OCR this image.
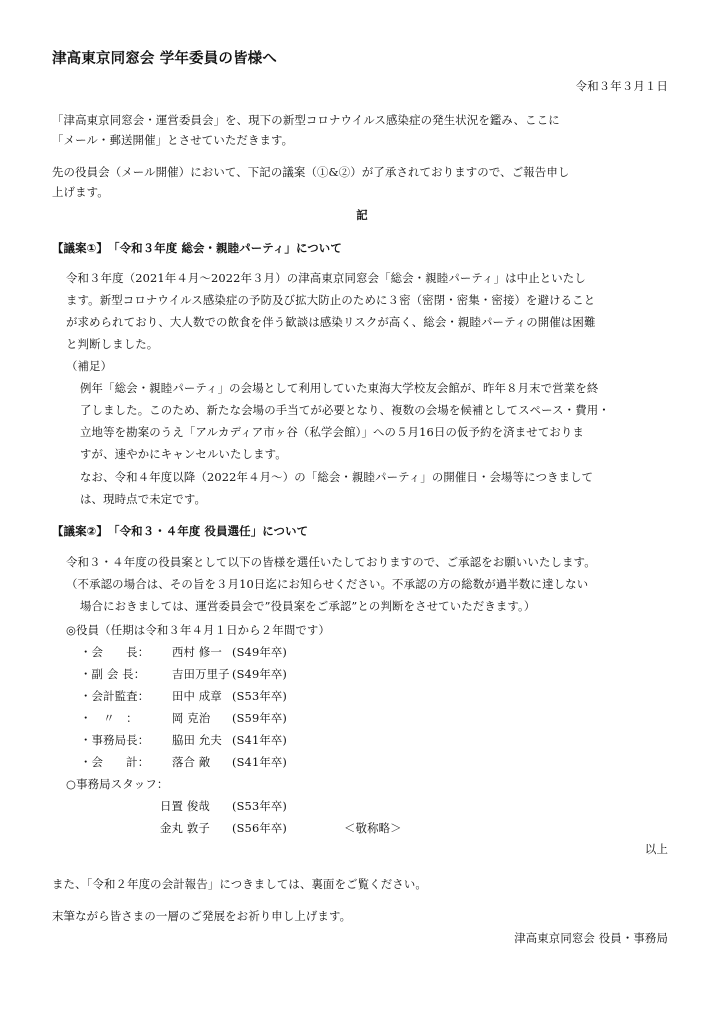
津高東京同窓会 学年委員の皆様へ
令和３年３月１日
「津高東京同窓会・運営委員会」を、現下の新型コロナウイルス感染症の発生状況を鑑み、ここに
「メール・郵送開催」とさせていただきます。
先の役員会（メール開催）において、下記の議案（①&②）が了承されておりますので、ご報告申し
上げます。
記
【議案①】　「令和３年度 総会・親睦パーティ」について
令和３年度（2021年４月～2022年３月）の津高東京同窓会「総会・親睦パーティ」は中止といたし
ます。新型コロナウイルス感染症の予防及び拡大防止のために３密（密閉・密集・密接）を避けること
が求められており、大人数での飲食を伴う歓談は感染リスクが高く、総会・親睦パーティの開催は困難
と判断しました。
（補足）
例年「総会・親睦パーティ」の会場として利用していた東海大学校友会館が、昨年８月末で営業を終
了しました。このため、新たな会場の手当てが必要となり、複数の会場を候補としてスペース・費用・
立地等を勘案のうえ「アルカディア市ヶ谷（私学会館）」への５月16日の仮予約を済ませておりま
すが、速やかにキャンセルいたします。
なお、令和４年度以降（2022年４月～）の「総会・親睦パーティ」の開催日・会場等につきまして
は、現時点で未定です。
【議案②】　「令和３・４年度 役員選任」について
令和３・４年度の役員案として以下の皆様を選任いたしておりますので、ご承認をお願いいたします。
（不承認の場合は、その旨を３月10日迄にお知らせください。不承認の方の総数が過半数に達しない
場合におきましては、運営委員会で”役員案をご承認”との判断をさせていただきます。）
◎役員（任期は令和３年４月１日から２年間です）
・会　　長： 西村 修一 (S49年卒)
・副 会 長： 吉田万里子 (S49年卒)
・会計監査： 田中 成章 (S53年卒)
・　〃　：	岡 克治 (S59年卒)
・事務局長： 脇田 允夫 (S41年卒)
・会　　計： 落合 敵 (S41年卒)
○事務局スタッフ：
日置 俊哉 (S53年卒)
金丸 敦子 (S56年卒)	＜敬称略＞
以上
また、「令和２年度の会計報告」につきましては、裏面をご覧ください。
末筆ながら皆さまの一層のご発展をお祈り申し上げます。
津高東京同窓会 役員・事務局
